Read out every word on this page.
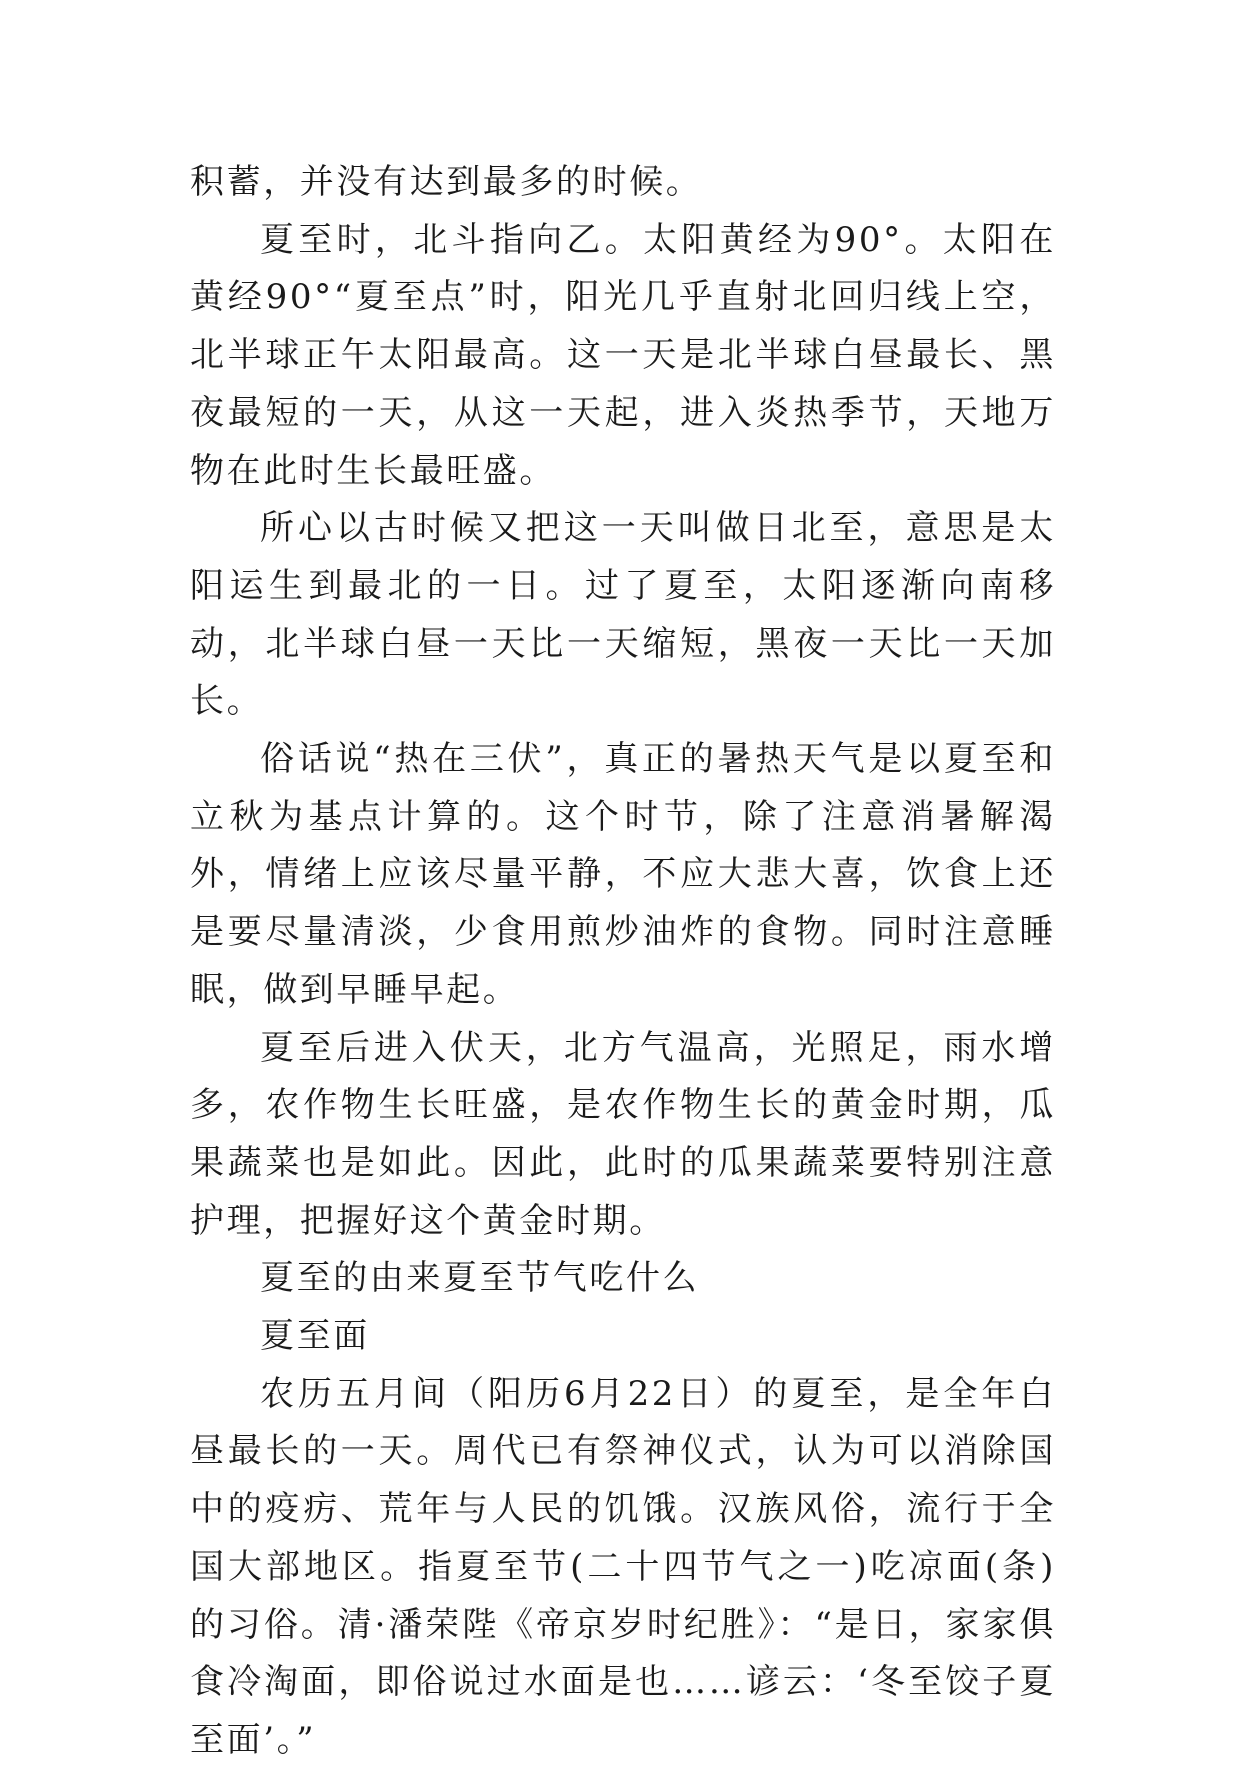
积蓄，并没有达到最多的时候。

夏至时，北斗指向乙。太阳黄经为90°。太阳在黄经90°“夏至点”时，阳光几乎直射北回归线上空，北半球正午太阳最高。这一天是北半球白昼最长、黑夜最短的一天，从这一天起，进入炎热季节，天地万物在此时生长最旺盛。

所心以古时候又把这一天叫做日北至，意思是太阳运生到最北的一日。过了夏至，太阳逐渐向南移动，北半球白昼一天比一天缩短，黑夜一天比一天加长。

俗话说“热在三伏”，真正的暑热天气是以夏至和立秋为基点计算的。这个时节，除了注意消暑解渴外，情绪上应该尽量平静，不应大悲大喜，饮食上还是要尽量清淡，少食用煎炒油炸的食物。同时注意睡眠，做到早睡早起。

夏至后进入伏天，北方气温高，光照足，雨水增多，农作物生长旺盛，是农作物生长的黄金时期，瓜果蔬菜也是如此。因此，此时的瓜果蔬菜要特别注意护理，把握好这个黄金时期。

夏至的由来夏至节气吃什么

夏至面

农历五月间（阳历6月22日）的夏至，是全年白昼最长的一天。周代已有祭神仪式，认为可以消除国中的疫疠、荒年与人民的饥饿。汉族风俗，流行于全国大部地区。指夏至节(二十四节气之一)吃凉面(条)的习俗。清·潘荣陛《帝京岁时纪胜》：“是日，家家俱食冷淘面，即俗说过水面是也……谚云：‘冬至饺子夏至面’。”
